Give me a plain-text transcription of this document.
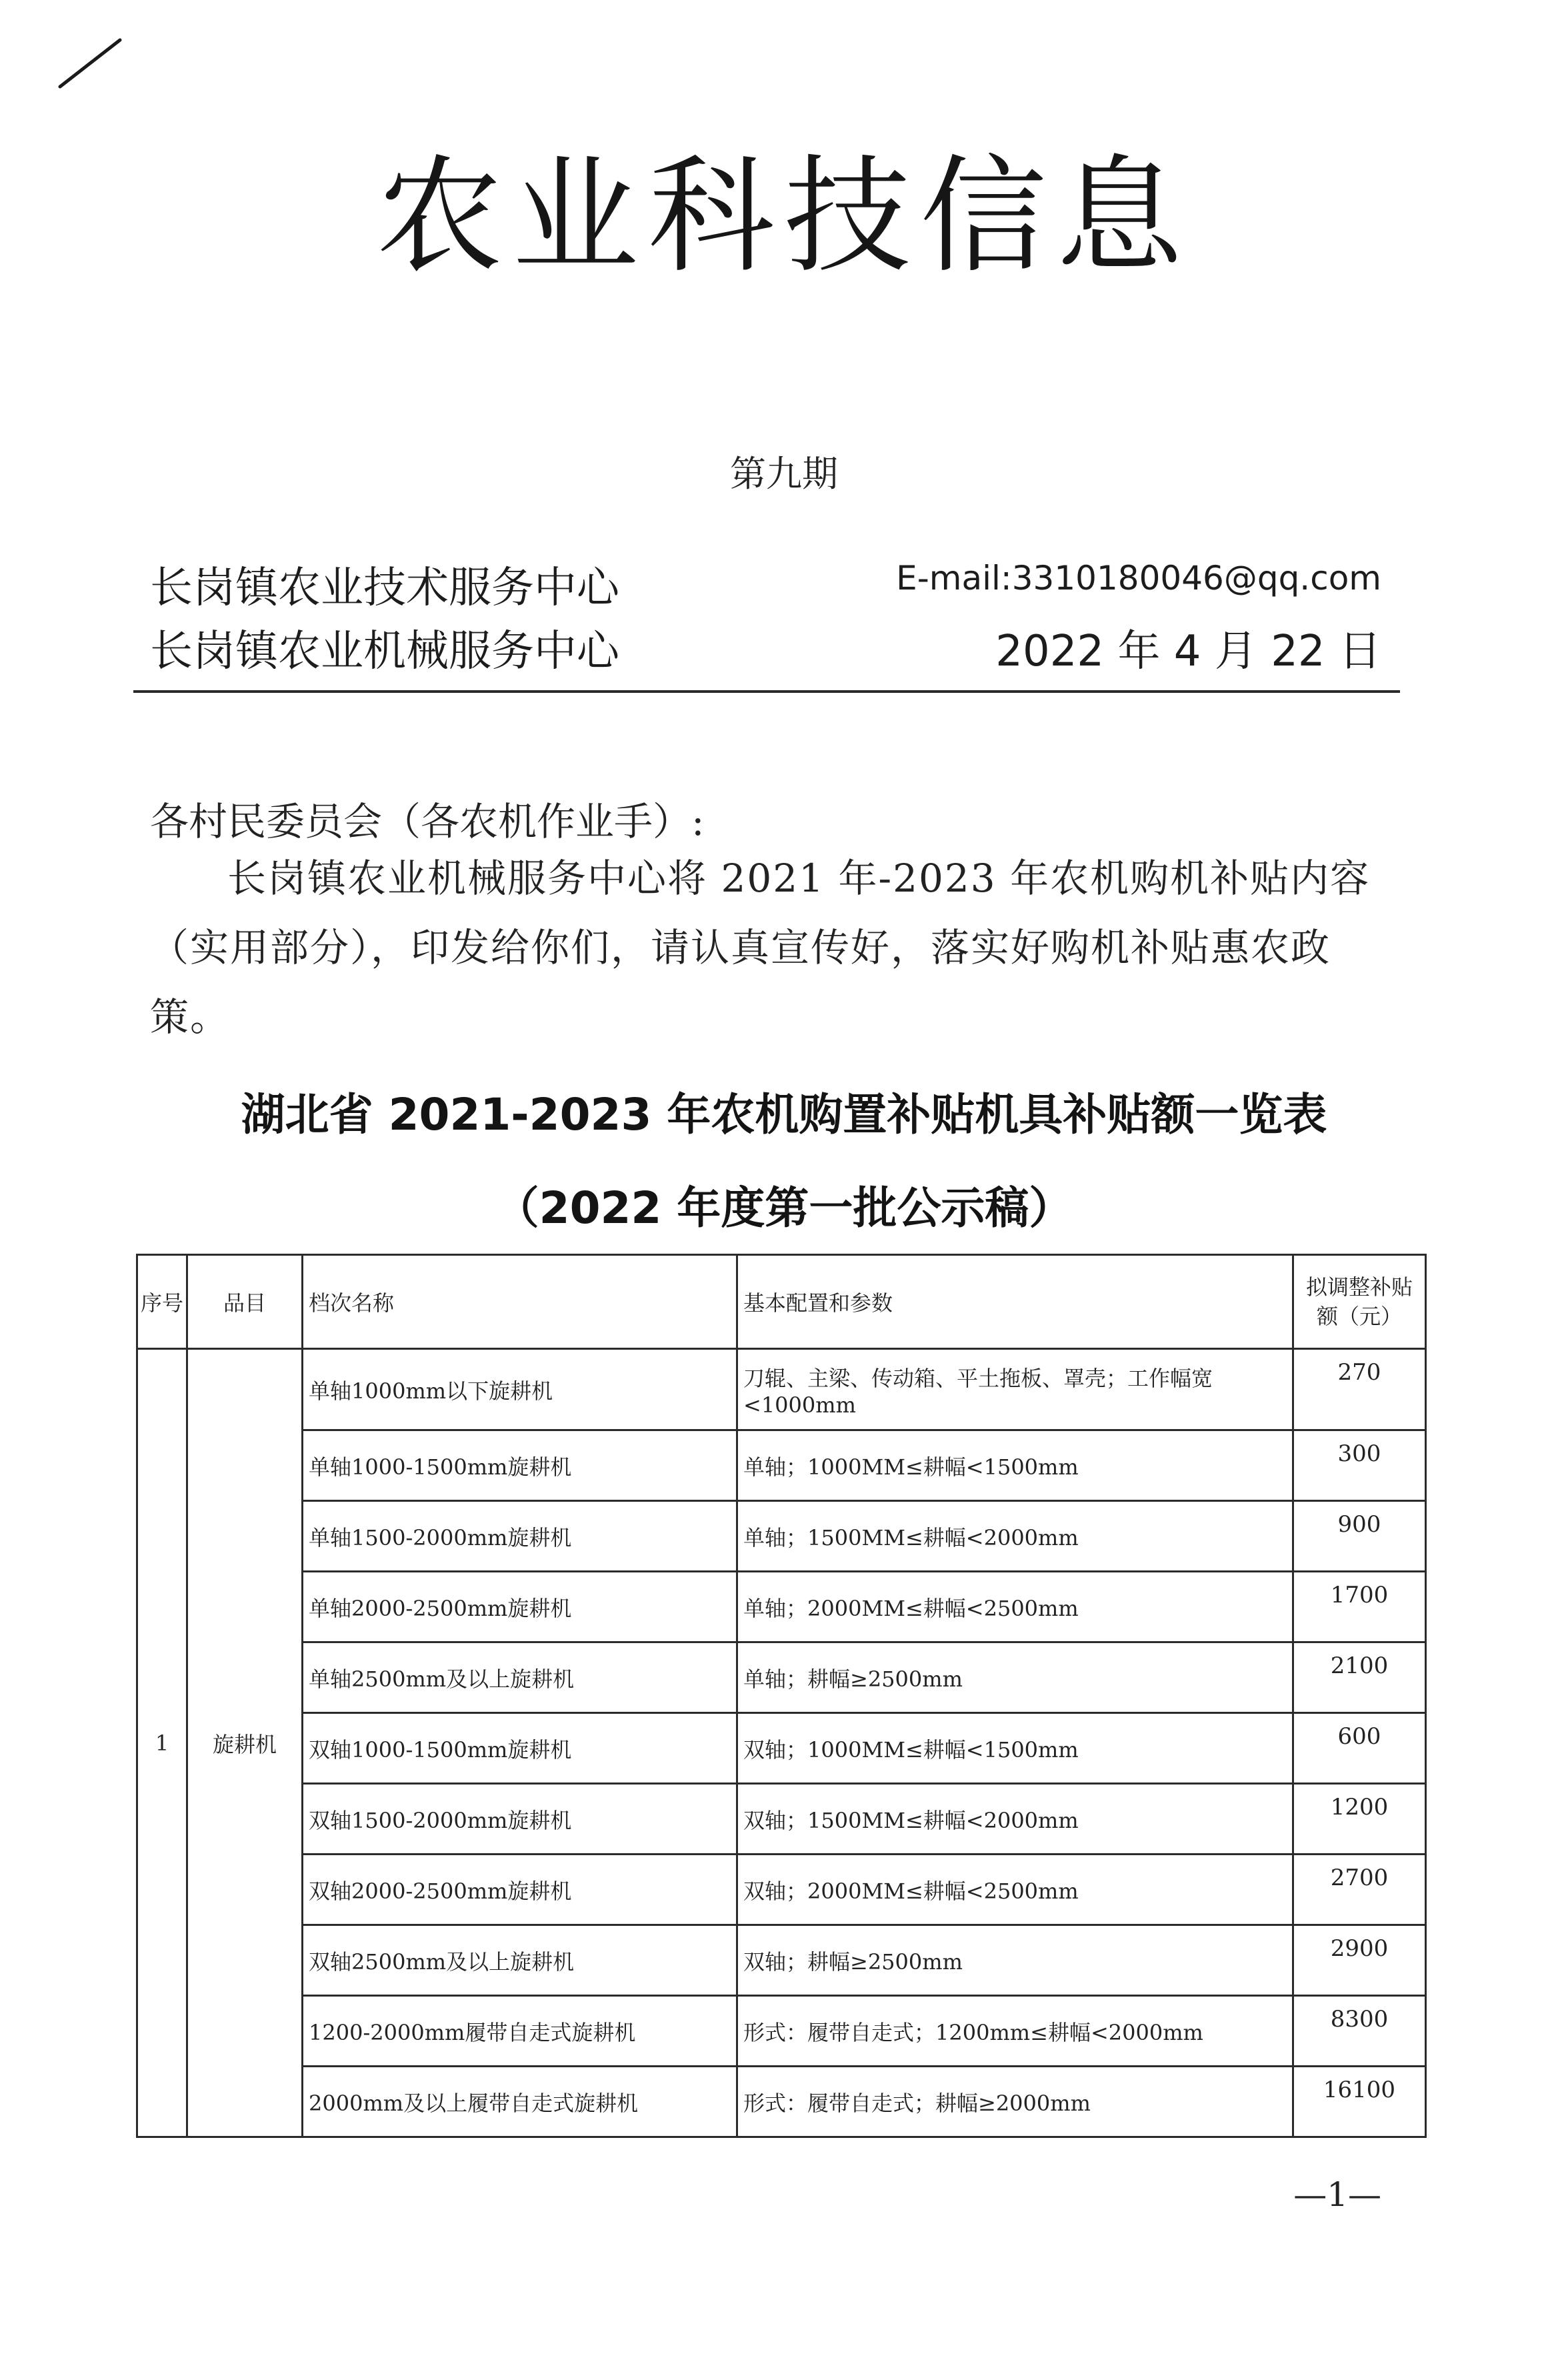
农业科技信息
第九期
长岗镇农业技术服务中心
长岗镇农业机械服务中心
E-mail:3310180046@qq.com
2022 年 4 月 22 日
各村民委员会（各农机作业手）:
长岗镇农业机械服务中心将 2021 年-2023 年农机购机补贴内容（实用部分），印发给你们，请认真宣传好，落实好购机补贴惠农政策。
湖北省 2021-2023 年农机购置补贴机具补贴额一览表
（2022 年度第一批公示稿）
序号	品目	档次名称	基本配置和参数	拟调整补贴额（元）
1	旋耕机	单轴1000mm以下旋耕机	刀辊、主梁、传动箱、平土拖板、罩壳；工作幅宽<1000mm	270
		单轴1000-1500mm旋耕机	单轴；1000MM≤耕幅<1500mm	300
		单轴1500-2000mm旋耕机	单轴；1500MM≤耕幅<2000mm	900
		单轴2000-2500mm旋耕机	单轴；2000MM≤耕幅<2500mm	1700
		单轴2500mm及以上旋耕机	单轴；耕幅≥2500mm	2100
		双轴1000-1500mm旋耕机	双轴；1000MM≤耕幅<1500mm	600
		双轴1500-2000mm旋耕机	双轴；1500MM≤耕幅<2000mm	1200
		双轴2000-2500mm旋耕机	双轴；2000MM≤耕幅<2500mm	2700
		双轴2500mm及以上旋耕机	双轴；耕幅≥2500mm	2900
		1200-2000mm履带自走式旋耕机	形式：履带自走式；1200mm≤耕幅<2000mm	8300
		2000mm及以上履带自走式旋耕机	形式：履带自走式；耕幅≥2000mm	16100
—1—
